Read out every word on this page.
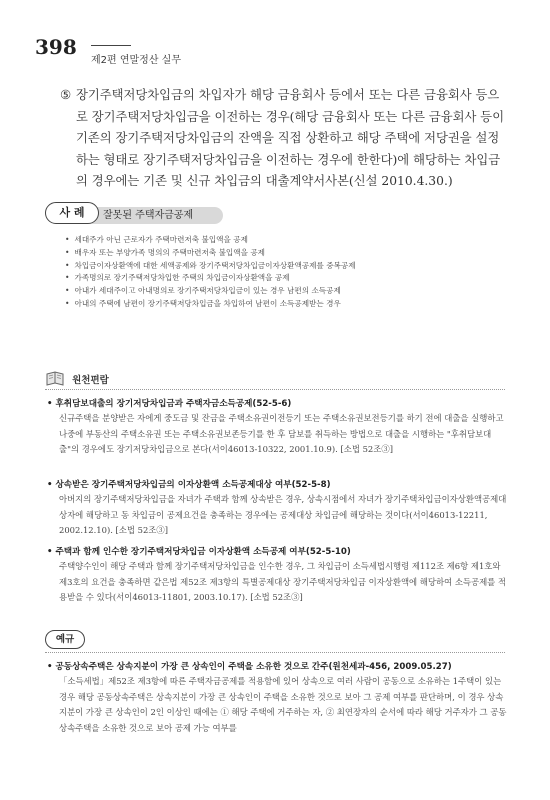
398
제2편 연말정산 실무
⑤ 장기주택저당차입금의 차입자가 해당 금융회사 등에서 또는 다른 금융회사 등으로 장기주택저당차입금을 이전하는 경우(해당 금융회사 또는 다른 금융회사 등이 기존의 장기주택저당차입금의 잔액을 직접 상환하고 해당 주택에 저당권을 설정하는 형태로 장기주택저당차입금을 이전하는 경우에 한한다)에 해당하는 차입금의 경우에는 기존 및 신규 차입금의 대출계약서사본(신설 2010.4.30.)
사 례	잘못된 주택자금공제
• 세대주가 아닌 근로자가 주택마련저축 불입액을 공제
• 배우자 또는 부양가족 명의의 주택마련저축 불입액을 공제
• 차입금이자상환액에 대한 세액공제와 장기주택저당차입금이자상환액공제를 중복공제
• 가족명의로 장기주택저당차입한 주택의 차입금이자상환액을 공제
• 아내가 세대주이고 아내명의로 장기주택저당차입금이 있는 경우 남편의 소득공제
• 아내의 주택에 남편이 장기주택저당차입금을 차입하여 남편이 소득공제받는 경우
원천편람
• 후취담보대출의 장기저당차입금과 주택자금소득공제(52-5-6)
신규주택을 분양받은 자에게 중도금 및 잔금을 주택소유권이전등기 또는 주택소유권보전등기를 하기 전에 대출을 실행하고 나중에 부동산의 주택소유권 또는 주택소유권보존등기를 한 후 담보를 취득하는 방법으로 대출을 시행하는 "후취담보대출"의 경우에도 장기저당차입금으로 본다(서이46013-10322, 2001.10.9). [소법 52조③]
• 상속받은 장기주택저당차입금의 이자상환액 소득공제대상 여부(52-5-8)
아버지의 장기주택저당차입금을 자녀가 주택과 함께 상속받은 경우, 상속시점에서 자녀가 장기주택차입금이자상환액공제대상자에 해당하고 동 차입금이 공제요건을 충족하는 경우에는 공제대상 차입금에 해당하는 것이다(서이46013-12211, 2002.12.10). [소법 52조③]
• 주택과 함께 인수한 장기주택저당차입금 이자상환액 소득공제 여부(52-5-10)
주택양수인이 해당 주택과 함께 장기주택저당차입금을 인수한 경우, 그 차입금이 소득세법시행령 제112조 제6항 제1호와 제3호의 요건을 충족하면 같은법 제52조 제3항의 특별공제대상 장기주택저당차입금 이자상환액에 해당하여 소득공제를 적용받을 수 있다(서이46013-11801, 2003.10.17). [소법 52조③]
예규
• 공동상속주택은 상속지분이 가장 큰 상속인이 주택을 소유한 것으로 간주(원천세과-456, 2009.05.27)
「소득세법」제52조 제3항에 따른 주택자금공제를 적용함에 있어 상속으로 여러 사람이 공동으로 소유하는 1주택이 있는 경우 해당 공동상속주택은 상속지분이 가장 큰 상속인이 주택을 소유한 것으로 보아 그 공제 여부를 판단하며, 이 경우 상속지분이 가장 큰 상속인이 2인 이상인 때에는 ① 해당 주택에 거주하는 자, ② 최연장자의 순서에 따라 해당 거주자가 그 공동상속주택을 소유한 것으로 보아 공제 가능 여부를
